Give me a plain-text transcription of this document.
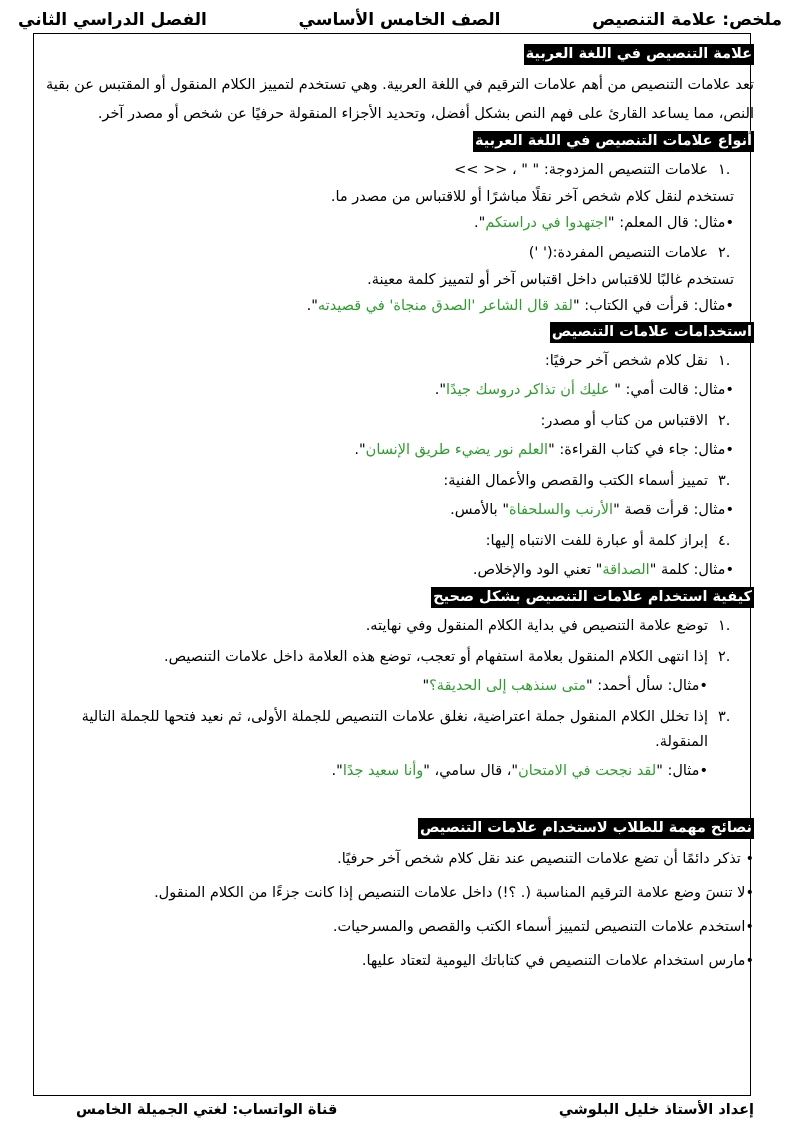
ملخص: علامة التنصيص
الصف الخامس الأساسي
الفصل الدراسي الثاني
علامة التنصيص في اللغة العربية

تعد علامات التنصيص من أهم علامات الترقيم في اللغة العربية. وهي تستخدم لتمييز الكلام المنقول أو المقتبس عن بقية النص، مما يساعد القارئ على فهم النص بشكل أفضل، وتحديد الأجزاء المنقولة حرفيًا عن شخص أو مصدر آخر.

أنواع علامات التنصيص في اللغة العربية
.١
علامات التنصيص المزدوجة: " " ، << >>
تستخدم لنقل كلام شخص آخر نقلًا مباشرًا أو للاقتباس من مصدر ما.
•مثال: قال المعلم: "اجتهدوا في دراستكم".
.٢
علامات التنصيص المفردة:(' ')
تستخدم غالبًا للاقتباس داخل اقتباس آخر أو لتمييز كلمة معينة.
•مثال: قرأت في الكتاب: "لقد قال الشاعر 'الصدق منجاة' في قصيدته".
استخدامات علامات التنصيص
.١
نقل كلام شخص آخر حرفيًا:
•مثال: قالت أمي: " عليك أن تذاكر دروسك جيدًا".
.٢
الاقتباس من كتاب أو مصدر:
•مثال: جاء في كتاب القراءة: "العلم نور يضيء طريق الإنسان".
.٣
تمييز أسماء الكتب والقصص والأعمال الفنية:
•مثال: قرأت قصة "الأرنب والسلحفاة" بالأمس.
.٤
إبراز كلمة أو عبارة للفت الانتباه إليها:
•مثال: كلمة "الصداقة" تعني الود والإخلاص.
كيفية استخدام علامات التنصيص بشكل صحيح
.١
توضع علامة التنصيص في بداية الكلام المنقول وفي نهايته.
.٢
إذا انتهى الكلام المنقول بعلامة استفهام أو تعجب، توضع هذه العلامة داخل علامات التنصيص.
•مثال: سأل أحمد: "متى سنذهب إلى الحديقة؟"
.٣
إذا تخلل الكلام المنقول جملة اعتراضية، نغلق علامات التنصيص للجملة الأولى، ثم نعيد فتحها للجملة التالية المنقولة.
•مثال: "لقد نجحت في الامتحان"، قال سامي، "وأنا سعيد جدًا".
نصائح مهمة للطلاب لاستخدام علامات التنصيص
• تذكر دائمًا أن تضع علامات التنصيص عند نقل كلام شخص آخر حرفيًا.
•لا تنسَ وضع علامة الترقيم المناسبة (. ؟!) داخل علامات التنصيص إذا كانت جزءًا من الكلام المنقول.
•استخدم علامات التنصيص لتمييز أسماء الكتب والقصص والمسرحيات.
•مارس استخدام علامات التنصيص في كتاباتك اليومية لتعتاد عليها.
إعداد الأستاذ خليل البلوشي
قناة الواتساب: لغتي الجميلة الخامس
